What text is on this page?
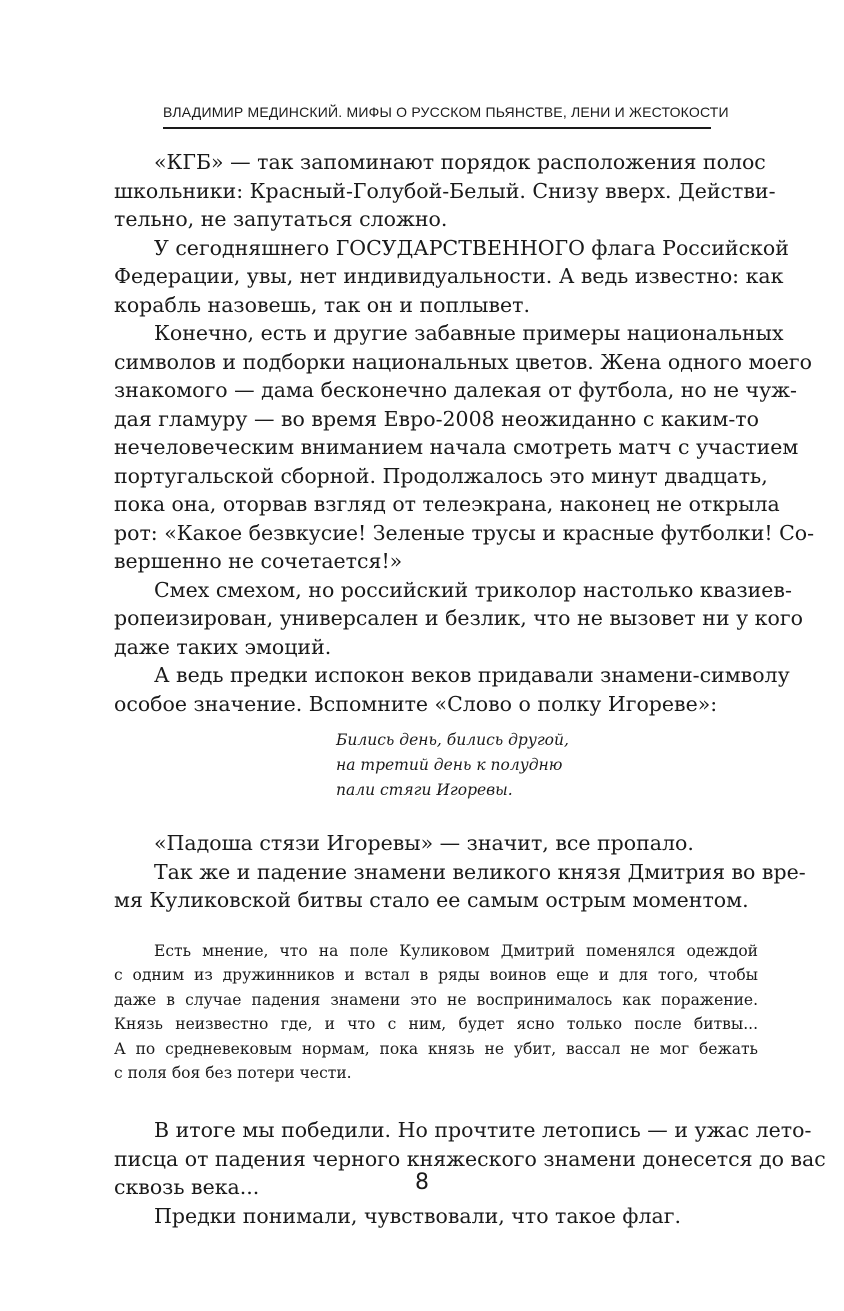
ВЛАДИМИР МЕДИНСКИЙ. МИФЫ О РУССКОМ ПЬЯНСТВЕ, ЛЕНИ И ЖЕСТОКОСТИ
«КГБ» — так запоминают порядок расположения полос
школьники: Красный-Голубой-Белый. Снизу вверх. Действи-
тельно, не запутаться сложно.
У сегодняшнего ГОСУДАРСТВЕННОГО флага Российской
Федерации, увы, нет индивидуальности. А ведь известно: как
корабль назовешь, так он и поплывет.
Конечно, есть и другие забавные примеры национальных
символов и подборки национальных цветов. Жена одного моего
знакомого — дама бесконечно далекая от футбола, но не чуж-
дая гламуру — во время Евро-2008 неожиданно с каким-то
нечеловеческим вниманием начала смотреть матч с участием
португальской сборной. Продолжалось это минут двадцать,
пока она, оторвав взгляд от телеэкрана, наконец не открыла
рот: «Какое безвкусие! Зеленые трусы и красные футболки! Со-
вершенно не сочетается!»
Смех смехом, но российский триколор настолько квазиев-
ропеизирован, универсален и безлик, что не вызовет ни у кого
даже таких эмоций.
А ведь предки испокон веков придавали знамени-символу
особое значение. Вспомните «Слово о полку Игореве»:
Бились день, бились другой,
на третий день к полудню
пали стяги Игоревы.
«Падоша стязи Игоревы» — значит, все пропало.
Так же и падение знамени великого князя Дмитрия во вре-
мя Куликовской битвы стало ее самым острым моментом.
Есть мнение, что на поле Куликовом Дмитрий поменялся одеждой
с одним из дружинников и встал в ряды воинов еще и для того, чтобы
даже в случае падения знамени это не воспринималось как поражение.
Князь неизвестно где, и что с ним, будет ясно только после битвы...
А по средневековым нормам, пока князь не убит, вассал не мог бежать
с поля боя без потери чести.
В итоге мы победили. Но прочтите летопись — и ужас лето-
писца от падения черного княжеского знамени донесется до вас
сквозь века...
Предки понимали, чувствовали, что такое флаг.
8
